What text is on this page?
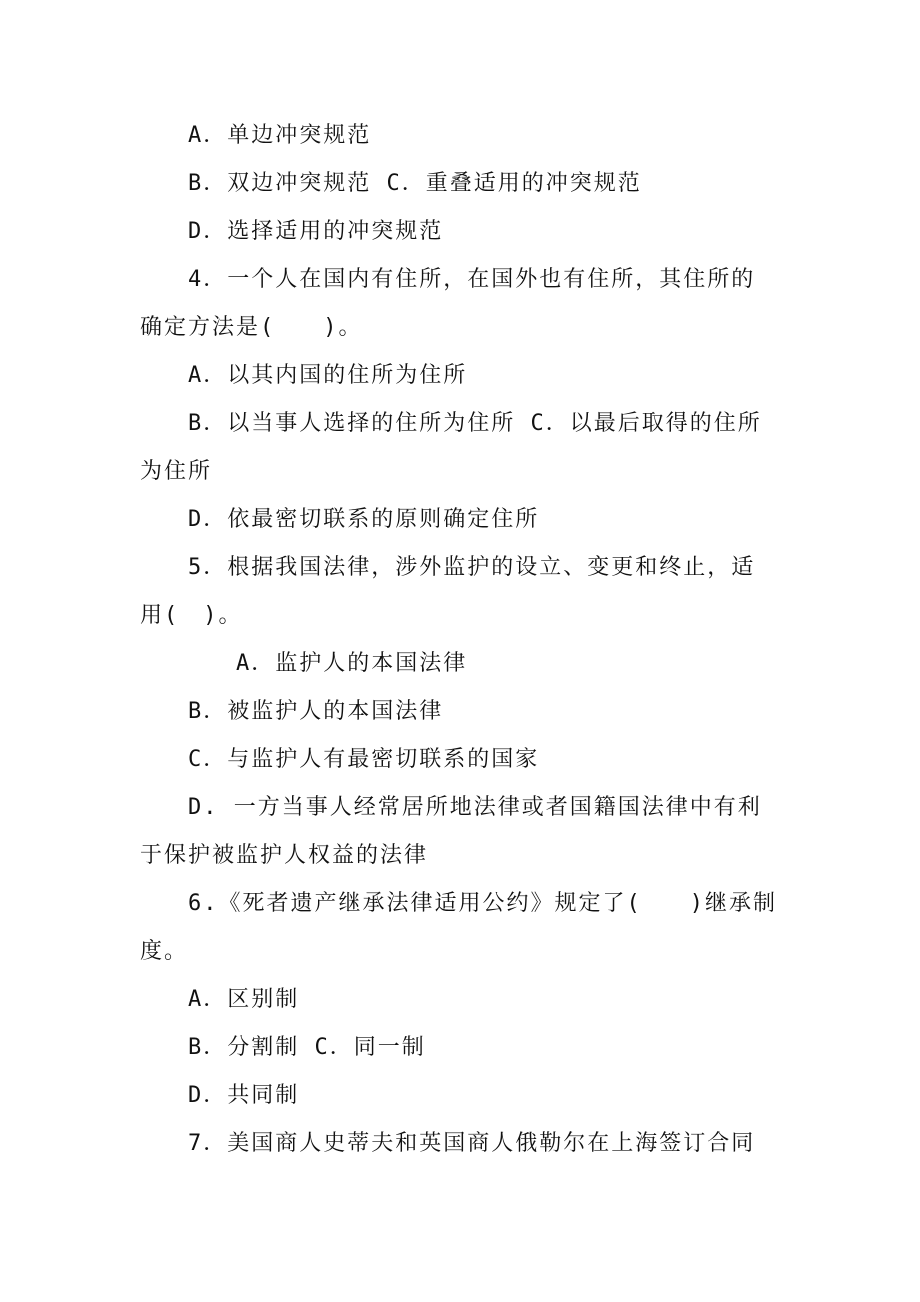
A．单边冲突规范
B．双边冲突规范 C．重叠适用的冲突规范
D．选择适用的冲突规范
4．一个人在国内有住所，在国外也有住所，其住所的
确定方法是(　　)。
A．以其内国的住所为住所
B．以当事人选择的住所为住所 C．以最后取得的住所
为住所
D．依最密切联系的原则确定住所
5．根据我国法律，涉外监护的设立、变更和终止，适
用(　)。
A．监护人的本国法律
B．被监护人的本国法律
C．与监护人有最密切联系的国家
D. 一方当事人经常居所地法律或者国籍国法律中有利
于保护被监护人权益的法律
6.《死者遗产继承法律适用公约》规定了(　　)继承制
度。
A．区别制
B．分割制 C．同一制
D．共同制
7．美国商人史蒂夫和英国商人俄勒尔在上海签订合同
